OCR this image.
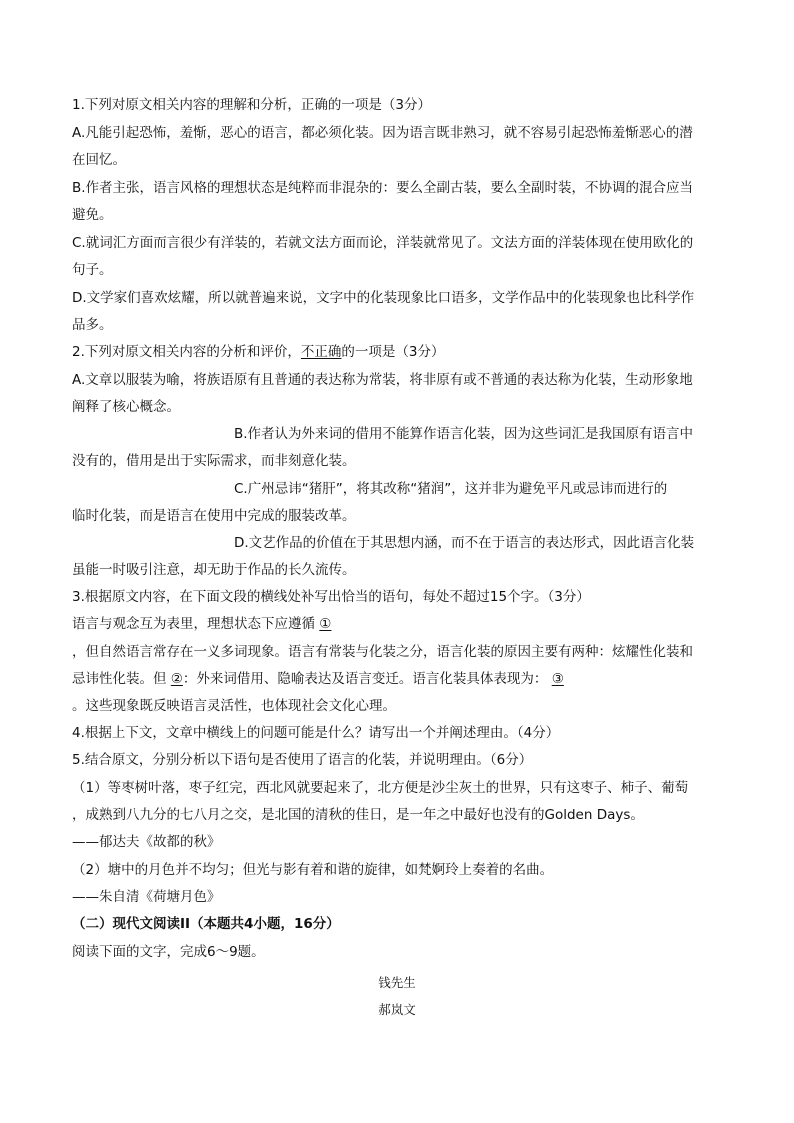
1.下列对原文相关内容的理解和分析，正确的一项是（3分）
A.凡能引起恐怖，羞惭，恶心的语言，都必须化装。因为语言既非熟习，就不容易引起恐怖羞惭恶心的潜
在回忆。
B.作者主张，语言风格的理想状态是纯粹而非混杂的：要么全副古装，要么全副时装，不协调的混合应当
避免。
C.就词汇方面而言很少有洋装的，若就文法方面而论，洋装就常见了。文法方面的洋装体现在使用欧化的
句子。
D.文学家们喜欢炫耀，所以就普遍来说，文字中的化装现象比口语多，文学作品中的化装现象也比科学作
品多。
2.下列对原文相关内容的分析和评价，不正确的一项是（3分）
A.文章以服装为喻，将族语原有且普通的表达称为常装，将非原有或不普通的表达称为化装，生动形象地
阐释了核心概念。
B.作者认为外来词的借用不能算作语言化装，因为这些词汇是我国原有语言中
没有的，借用是出于实际需求，而非刻意化装。
C.广州忌讳“猪肝”，将其改称“猪润”，这并非为避免平凡或忌讳而进行的
临时化装，而是语言在使用中完成的服装改革。
D.文艺作品的价值在于其思想内涵，而不在于语言的表达形式，因此语言化装
虽能一时吸引注意，却无助于作品的长久流传。
3.根据原文内容，在下面文段的横线处补写出恰当的语句，每处不超过15个字。（3分）
语言与观念互为表里，理想状态下应遵循 ①
，但自然语言常存在一义多词现象。语言有常装与化装之分，语言化装的原因主要有两种：炫耀性化装和
忌讳性化装。但 ②：外来词借用、隐喻表达及语言变迁。语言化装具体表现为： ③
。这些现象既反映语言灵活性，也体现社会文化心理。
4.根据上下文，文章中横线上的问题可能是什么？请写出一个并阐述理由。（4分）
5.结合原文，分别分析以下语句是否使用了语言的化装，并说明理由。（6分）
（1）等枣树叶落，枣子红完，西北风就要起来了，北方便是沙尘灰土的世界，只有这枣子、柿子、葡萄
，成熟到八九分的七八月之交，是北国的清秋的佳日，是一年之中最好也没有的Golden Days。
——郁达夫《故都的秋》
（2）塘中的月色并不均匀；但光与影有着和谐的旋律，如梵婀玲上奏着的名曲。
——朱自清《荷塘月色》
（二）现代文阅读II（本题共4小题，16分）
阅读下面的文字，完成6～9题。
钱先生
郝岚文
